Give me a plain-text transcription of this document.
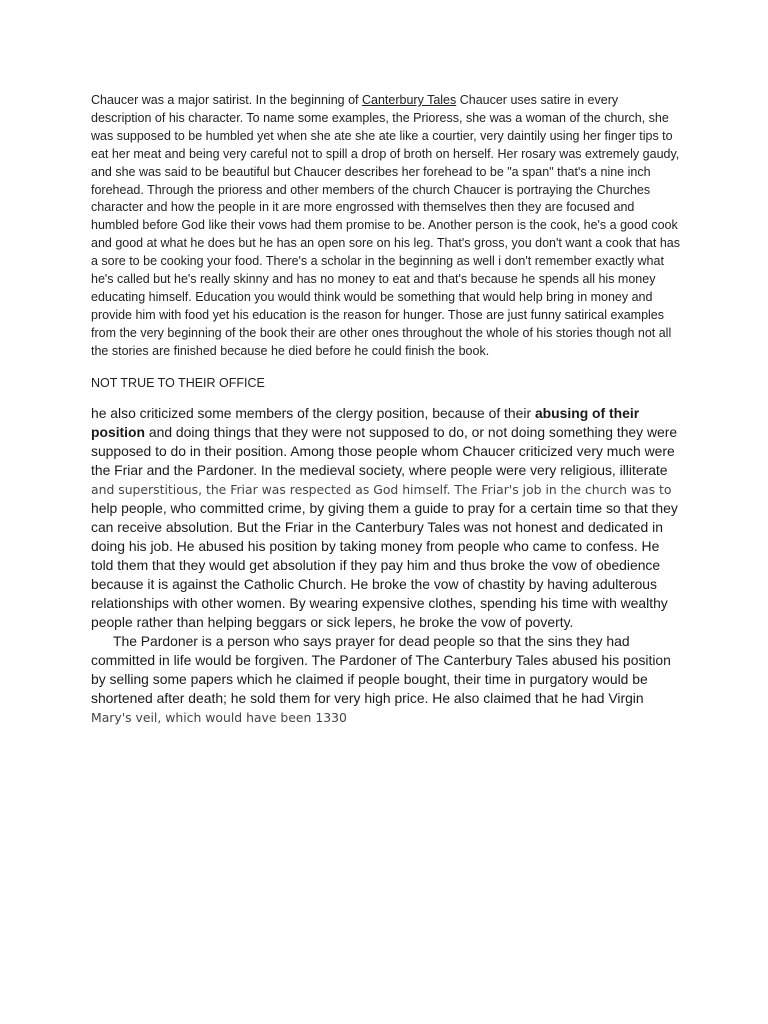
Chaucer was a major satirist. In the beginning of Canterbury Tales Chaucer uses satire in every description of his character. To name some examples, the Prioress, she was a woman of the church, she was supposed to be humbled yet when she ate she ate like a courtier, very daintily using her finger tips to eat her meat and being very careful not to spill a drop of broth on herself. Her rosary was extremely gaudy, and she was said to be beautiful but Chaucer describes her forehead to be "a span" that's a nine inch forehead. Through the prioress and other members of the church Chaucer is portraying the Churches character and how the people in it are more engrossed with themselves then they are focused and humbled before God like their vows had them promise to be. Another person is the cook, he's a good cook and good at what he does but he has an open sore on his leg. That's gross, you don't want a cook that has a sore to be cooking your food. There's a scholar in the beginning as well i don't remember exactly what he's called but he's really skinny and has no money to eat and that's because he spends all his money educating himself. Education you would think would be something that would help bring in money and provide him with food yet his education is the reason for hunger. Those are just funny satirical examples from the very beginning of the book their are other ones throughout the whole of his stories though not all the stories are finished because he died before he could finish the book.

NOT TRUE TO THEIR OFFICE

he also criticized some members of the clergy position, because of their abusing of their position and doing things that they were not supposed to do, or not doing something they were supposed to do in their position. Among those people whom Chaucer criticized very much were the Friar and the Pardoner. In the medieval society, where people were very religious, illiterate and superstitious, the Friar was respected as God himself. The Friar's job in the church was to help people, who committed crime, by giving them a guide to pray for a certain time so that they can receive absolution. But the Friar in the Canterbury Tales was not honest and dedicated in doing his job. He abused his position by taking money from people who came to confess. He told them that they would get absolution if they pay him and thus broke the vow of obedience because it is against the Catholic Church. He broke the vow of chastity by having adulterous relationships with other women. By wearing expensive clothes, spending his time with wealthy people rather than helping beggars or sick lepers, he broke the vow of poverty.

The Pardoner is a person who says prayer for dead people so that the sins they had committed in life would be forgiven. The Pardoner of The Canterbury Tales abused his position by selling some papers which he claimed if people bought, their time in purgatory would be shortened after death; he sold them for very high price. He also claimed that he had Virgin Mary's veil, which would have been 1330
